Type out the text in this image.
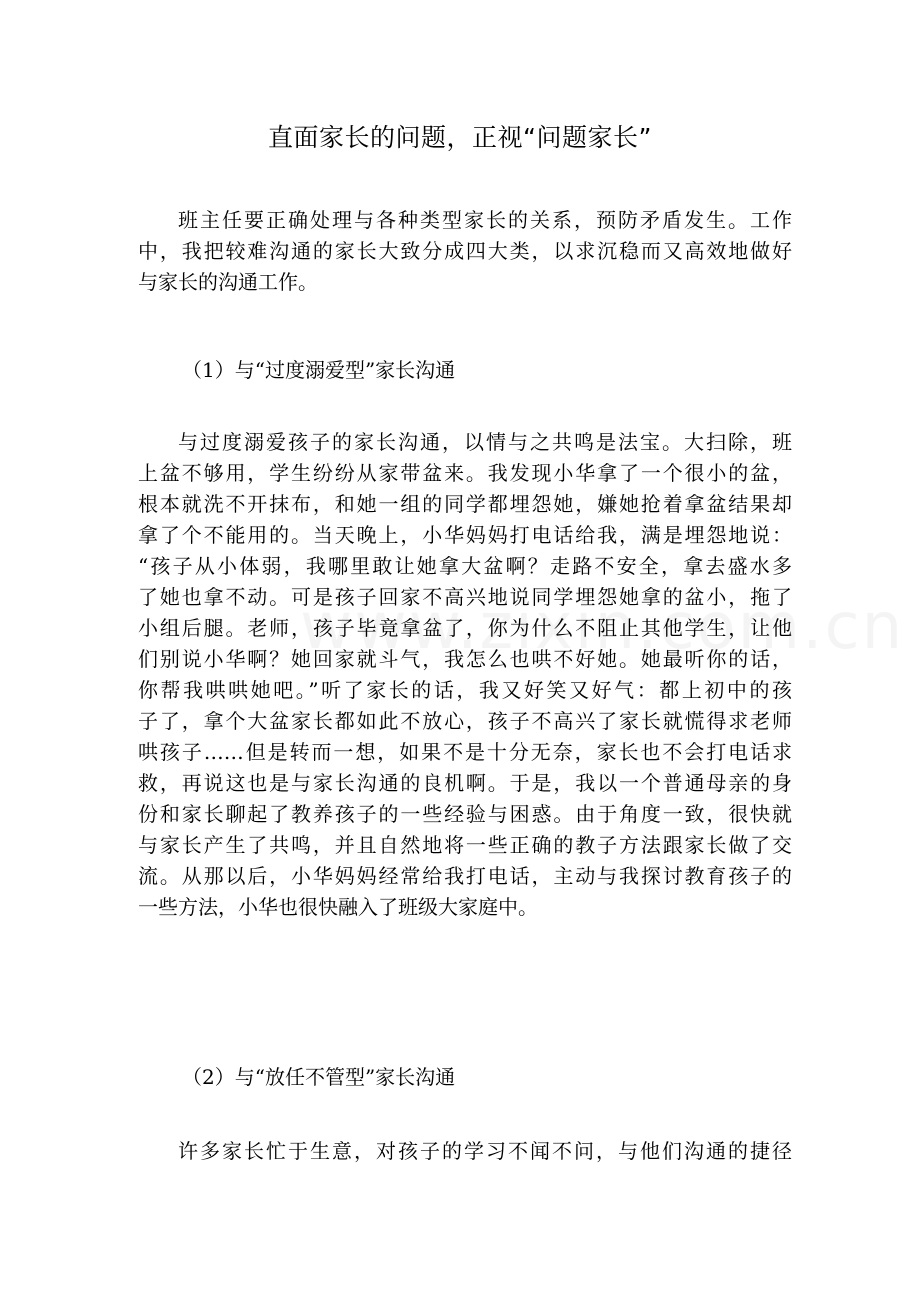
直面家长的问题，正视“问题家长”
班主任要正确处理与各种类型家长的关系，预防矛盾发生。工作
中，我把较难沟通的家长大致分成四大类，以求沉稳而又高效地做好
与家长的沟通工作。
（1）与“过度溺爱型”家长沟通
与过度溺爱孩子的家长沟通，以情与之共鸣是法宝。大扫除，班
上盆不够用，学生纷纷从家带盆来。我发现小华拿了一个很小的盆，
根本就洗不开抹布，和她一组的同学都埋怨她，嫌她抢着拿盆结果却
拿了个不能用的。当天晚上，小华妈妈打电话给我，满是埋怨地说：
“孩子从小体弱，我哪里敢让她拿大盆啊？走路不安全，拿去盛水多
了她也拿不动。可是孩子回家不高兴地说同学埋怨她拿的盆小，拖了
小组后腿。老师，孩子毕竟拿盆了，你为什么不阻止其他学生，让他
们别说小华啊？她回家就斗气，我怎么也哄不好她。她最听你的话，
你帮我哄哄她吧。”听了家长的话，我又好笑又好气：都上初中的孩
子了，拿个大盆家长都如此不放心，孩子不高兴了家长就慌得求老师
哄孩子……但是转而一想，如果不是十分无奈，家长也不会打电话求
救，再说这也是与家长沟通的良机啊。于是，我以一个普通母亲的身
份和家长聊起了教养孩子的一些经验与困惑。由于角度一致，很快就
与家长产生了共鸣，并且自然地将一些正确的教子方法跟家长做了交
流。从那以后，小华妈妈经常给我打电话，主动与我探讨教育孩子的
一些方法，小华也很快融入了班级大家庭中。
（2）与“放任不管型”家长沟通
许多家长忙于生意，对孩子的学习不闻不问，与他们沟通的捷径
